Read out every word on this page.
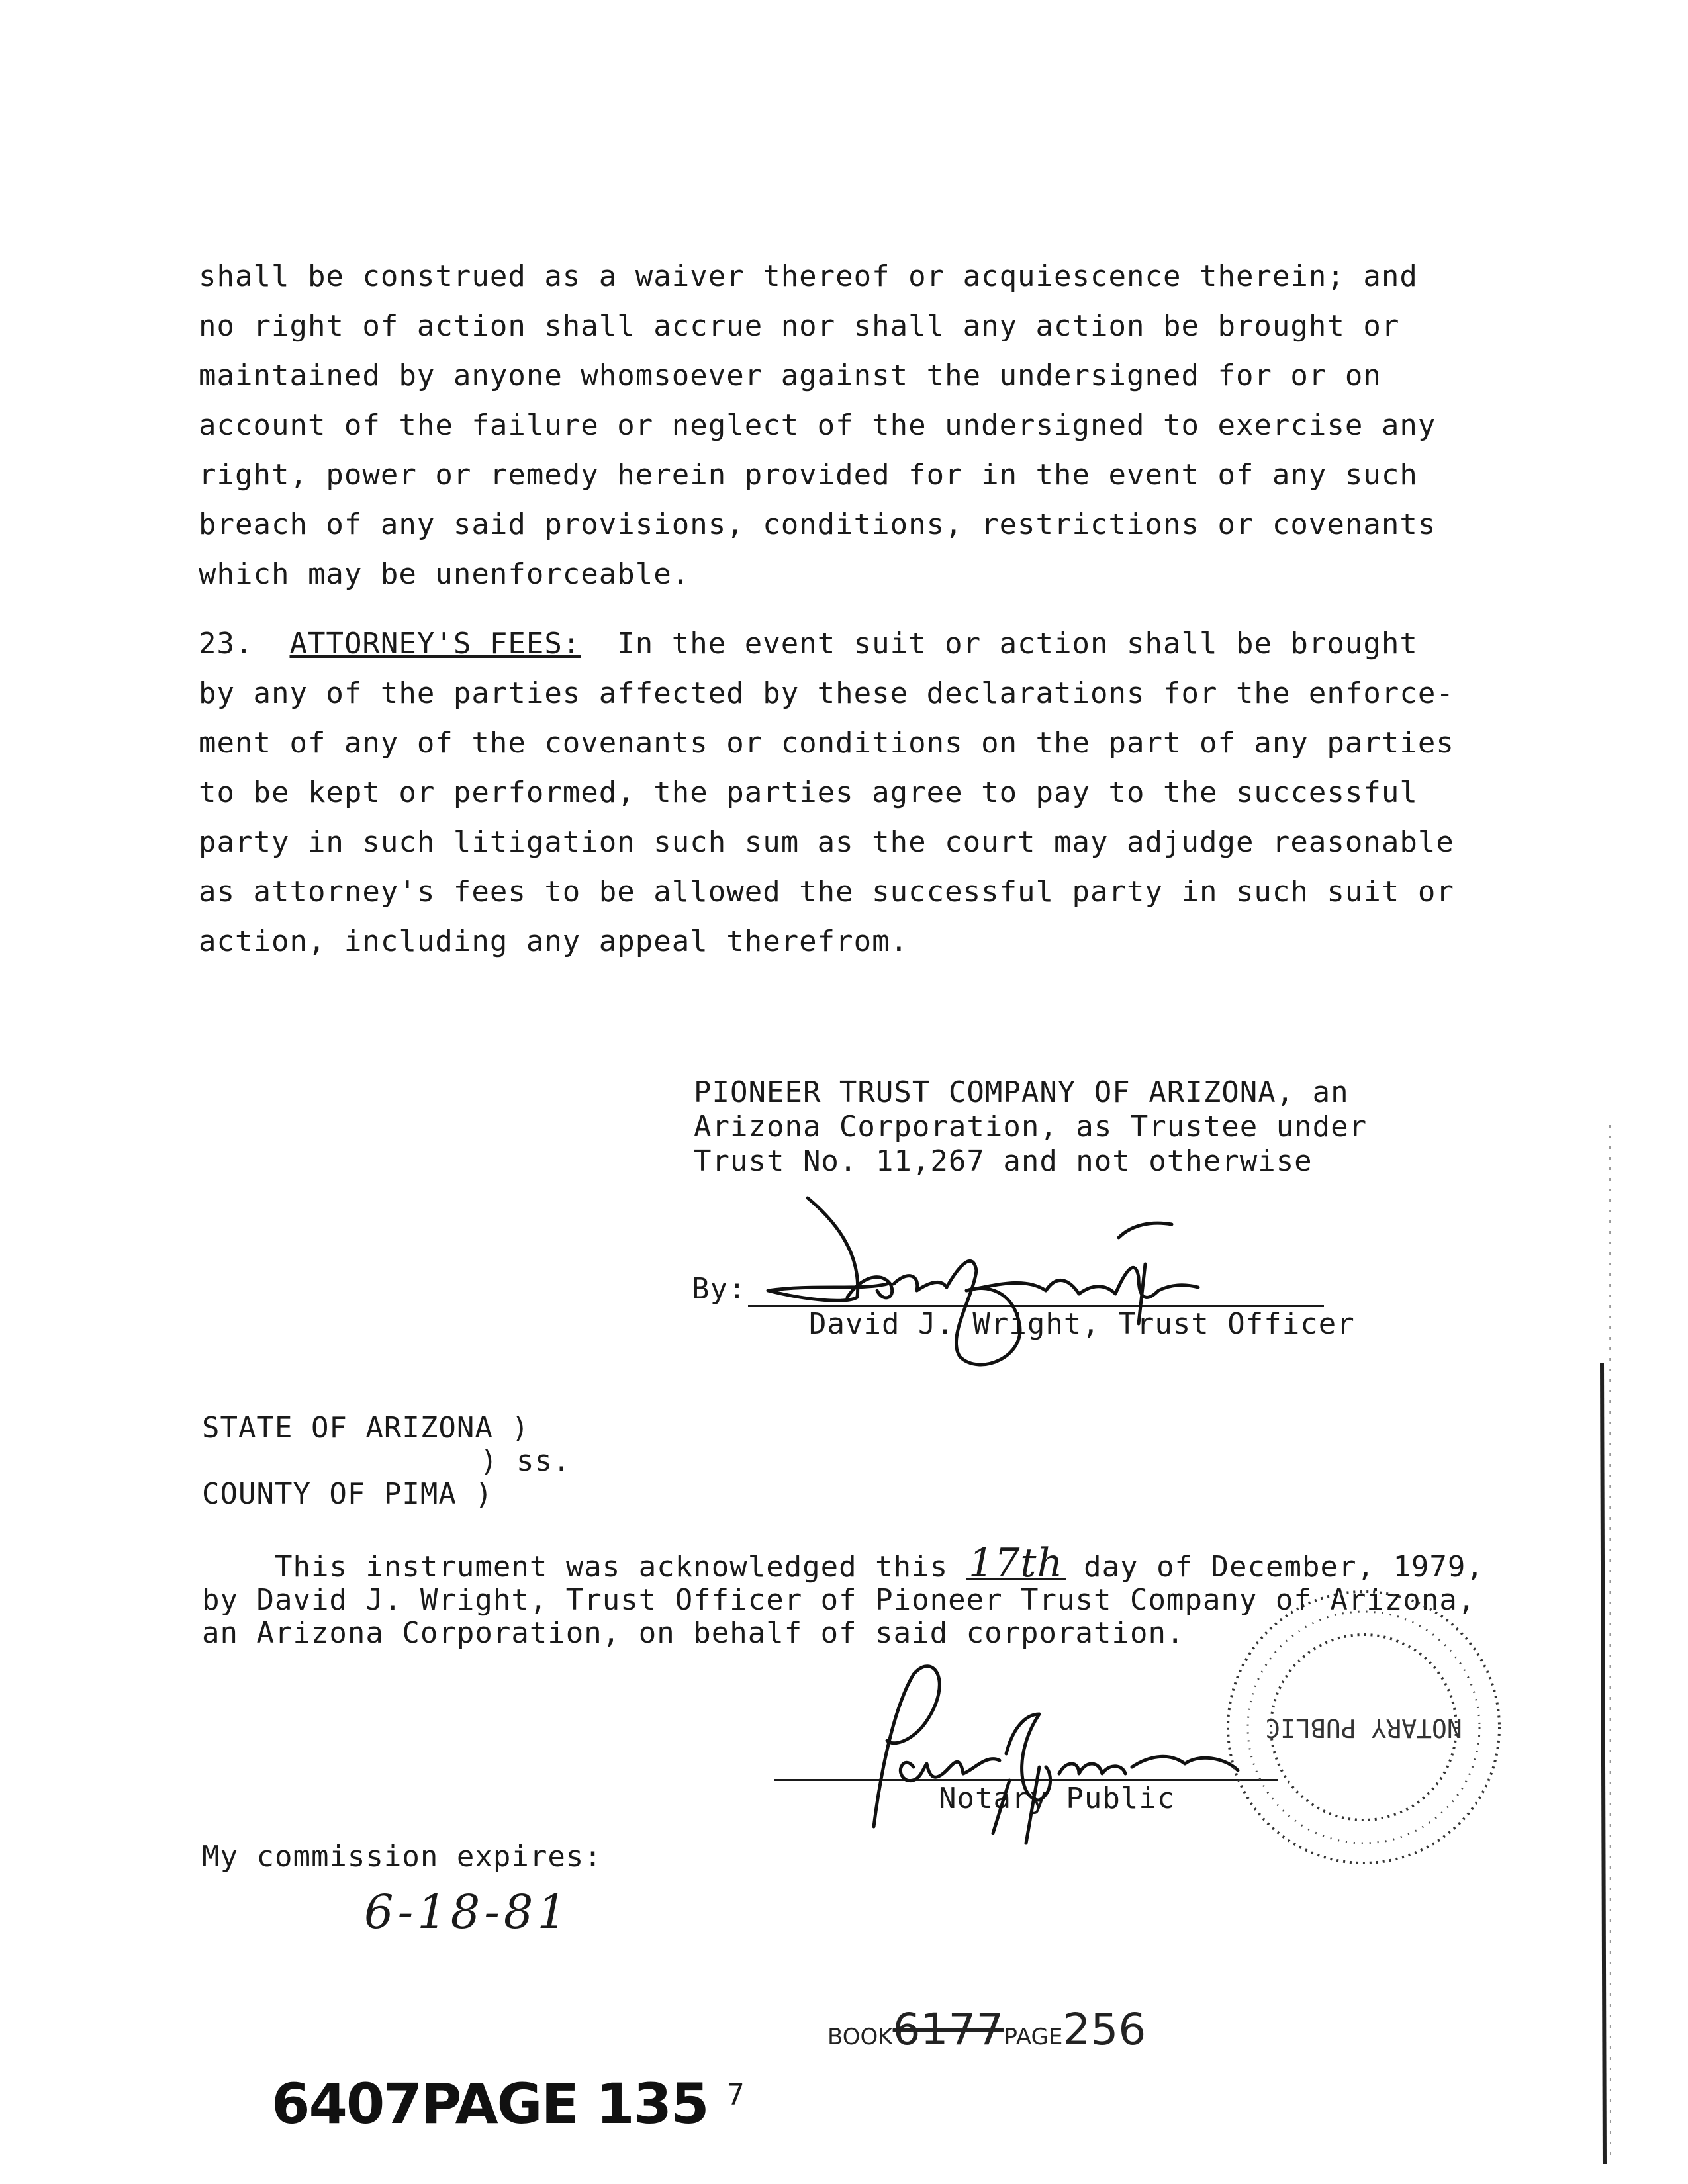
shall be construed as a waiver thereof or acquiescence therein; and
no right of action shall accrue nor shall any action be brought or
maintained by anyone whomsoever against the undersigned for or on
account of the failure or neglect of the undersigned to exercise any
right, power or remedy herein provided for in the event of any such
breach of any said provisions, conditions, restrictions or covenants
which may be unenforceable.
23. ATTORNEY'S FEES: In the event suit or action shall be brought
by any of the parties affected by these declarations for the enforce-
ment of any of the covenants or conditions on the part of any parties
to be kept or performed, the parties agree to pay to the successful
party in such litigation such sum as the court may adjudge reasonable
as attorney's fees to be allowed the successful party in such suit or
action, including any appeal therefrom.
PIONEER TRUST COMPANY OF ARIZONA, an
Arizona Corporation, as Trustee under
Trust No. 11,267 and not otherwise
By:
David J. Wright, Trust Officer
STATE OF ARIZONA )
) ss.
COUNTY OF PIMA )
This instrument was acknowledged this 17th day of December, 1979,
by David J. Wright, Trust Officer of Pioneer Trust Company of Arizona,
an Arizona Corporation, on behalf of said corporation.
Notary Public
NOTARY PUBLIC
My commission expires:
6-18-81
BOOK6177PAGE256
6407PAGE 135 7
